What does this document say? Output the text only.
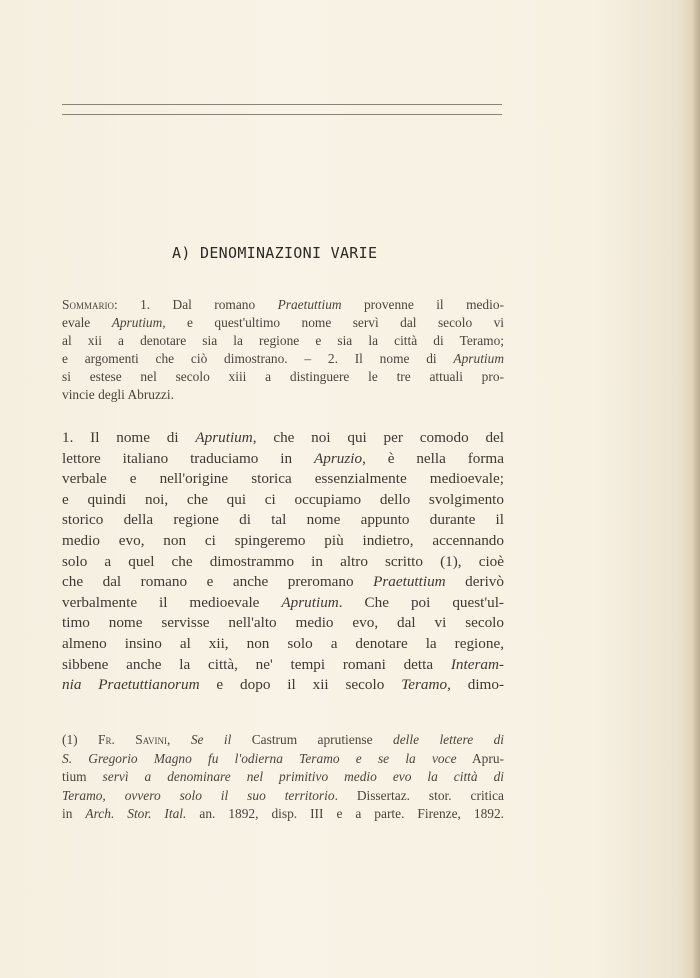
A) DENOMINAZIONI VARIE
Sommario: 1. Dal romano Praetuttium provenne il medio-
evale Aprutium, e quest'ultimo nome servì dal secolo vi
al xii a denotare sia la regione e sia la città di Teramo;
e argomenti che ciò dimostrano. – 2. Il nome di Aprutium
si estese nel secolo xiii a distinguere le tre attuali pro-
vincie degli Abruzzi.
1. Il nome di Aprutium, che noi qui per comodo del
lettore italiano traduciamo in Apruzio, è nella forma
verbale e nell'origine storica essenzialmente medioevale;
e quindi noi, che qui ci occupiamo dello svolgimento
storico della regione di tal nome appunto durante il
medio evo, non ci spingeremo più indietro, accennando
solo a quel che dimostrammo in altro scritto (1), cioè
che dal romano e anche preromano Praetuttium derivò
verbalmente il medioevale Aprutium. Che poi quest'ul-
timo nome servisse nell'alto medio evo, dal vi secolo
almeno insino al xii, non solo a denotare la regione,
sibbene anche la città, ne' tempi romani detta Interam-
nia Praetuttianorum e dopo il xii secolo Teramo, dimo-
(1) Fr. Savini, Se il Castrum aprutiense delle lettere di
S. Gregorio Magno fu l'odierna Teramo e se la voce Apru-
tium servì a denominare nel primitivo medio evo la città di
Teramo, ovvero solo il suo territorio. Dissertaz. stor. critica
in Arch. Stor. Ital. an. 1892, disp. III e a parte. Firenze, 1892.
